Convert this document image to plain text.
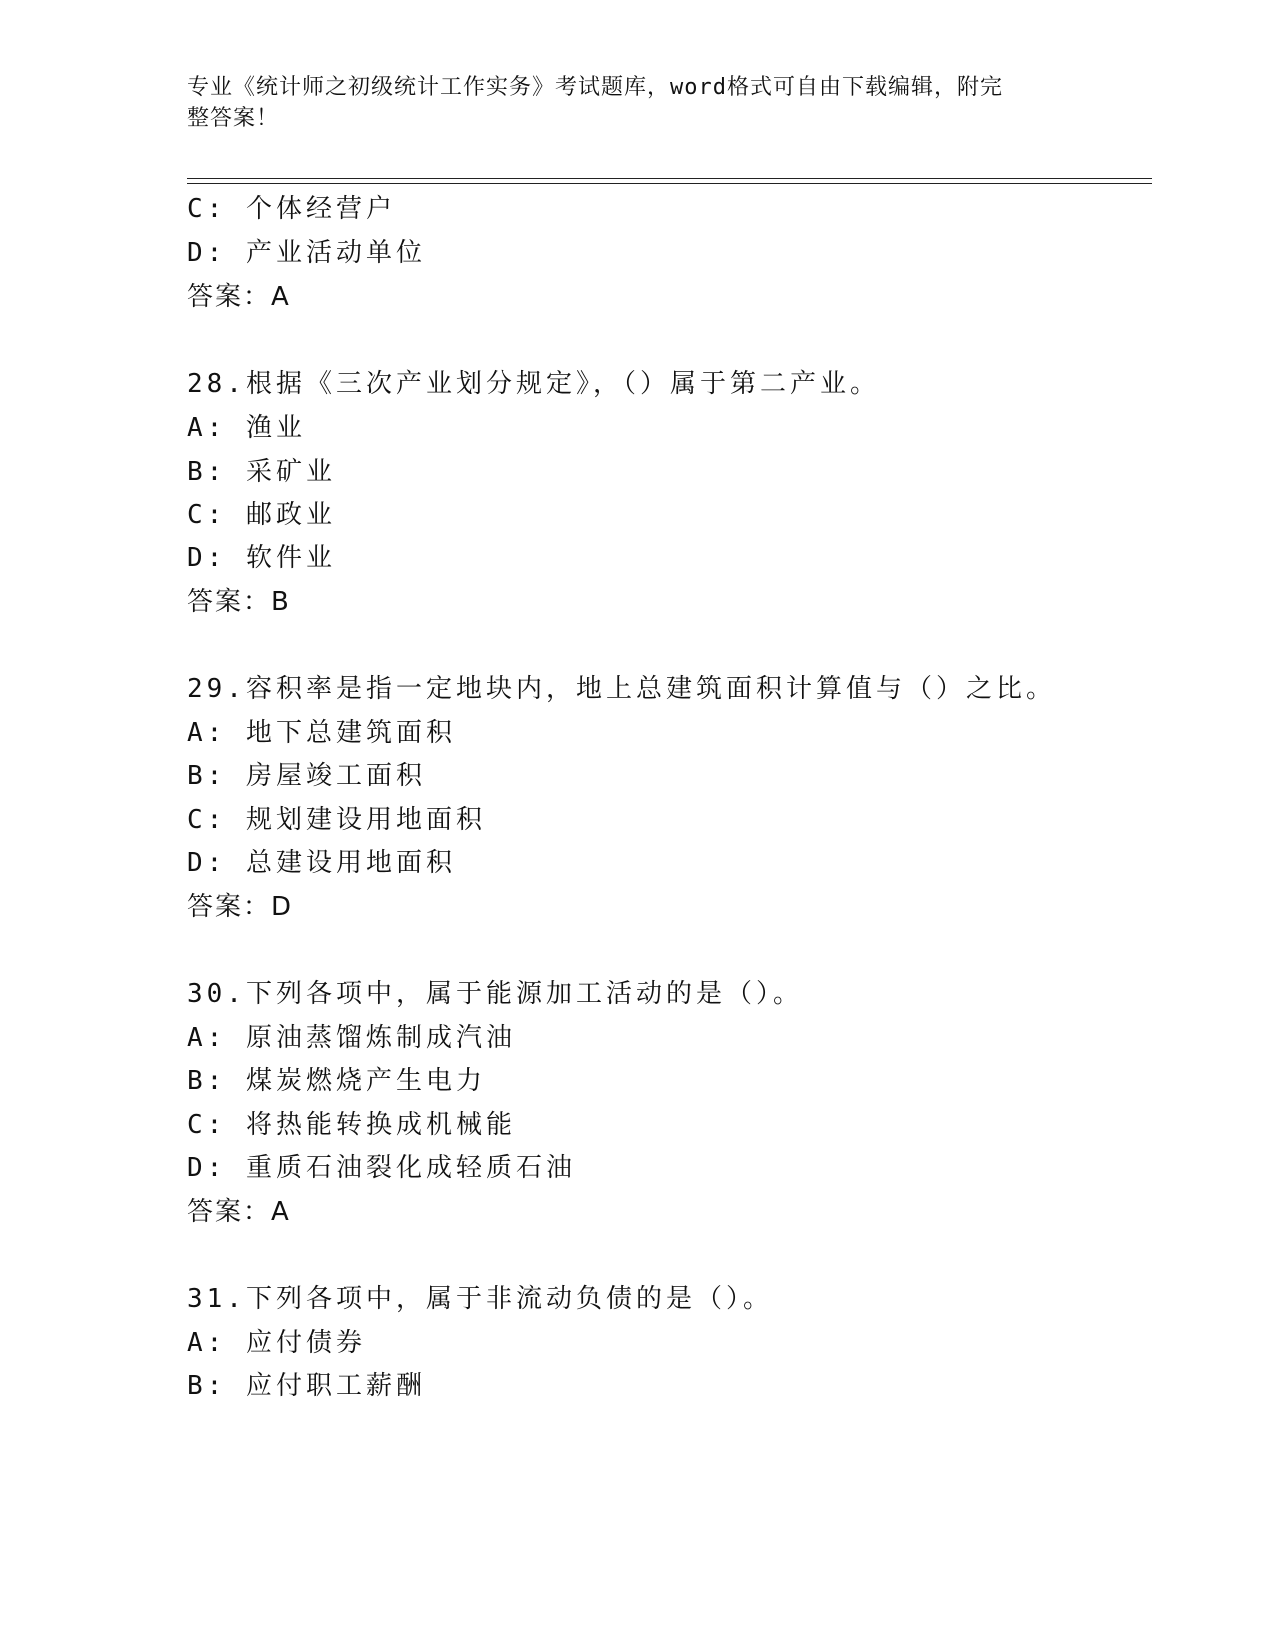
专业《统计师之初级统计工作实务》考试题库，word格式可自由下载编辑，附完
整答案！
C: 个体经营户
D: 产业活动单位
答案：A
28.根据《三次产业划分规定》，（）属于第二产业。
A: 渔业
B: 采矿业
C: 邮政业
D: 软件业
答案：B
29.容积率是指一定地块内，地上总建筑面积计算值与（）之比。
A: 地下总建筑面积
B: 房屋竣工面积
C: 规划建设用地面积
D: 总建设用地面积
答案：D
30.下列各项中，属于能源加工活动的是（）。
A: 原油蒸馏炼制成汽油
B: 煤炭燃烧产生电力
C: 将热能转换成机械能
D: 重质石油裂化成轻质石油
答案：A
31.下列各项中，属于非流动负债的是（）。
A: 应付债券
B: 应付职工薪酬
